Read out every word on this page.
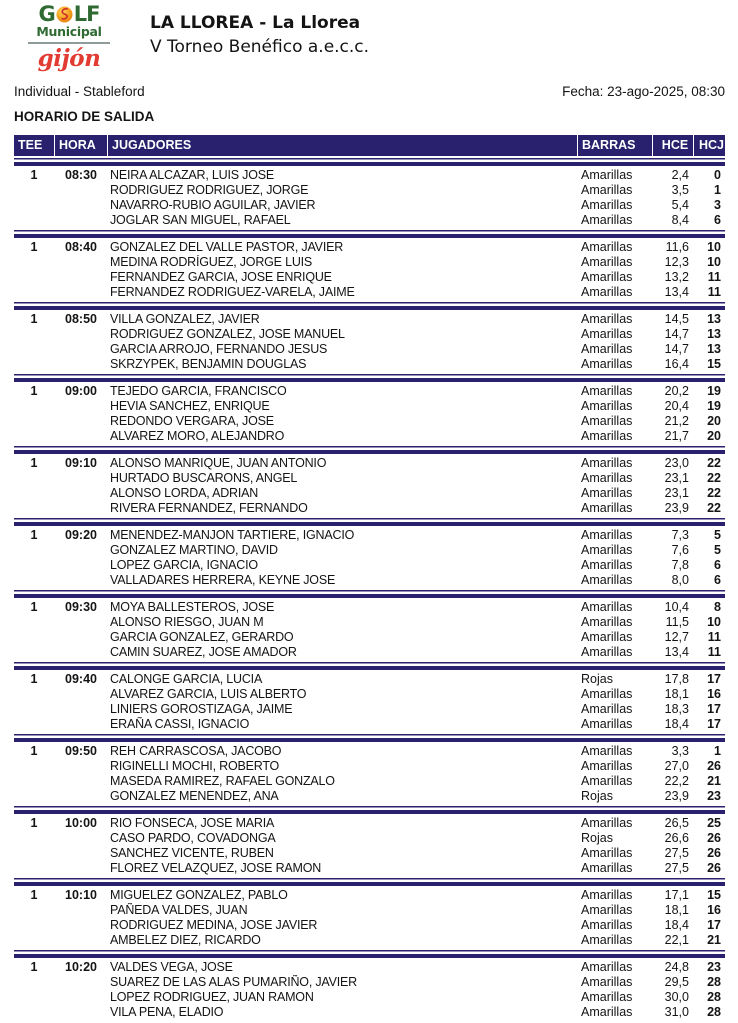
G LF
Municipal
gijón
LA LLOREA - La Llorea
V Torneo Benéfico a.e.c.c.
Individual - Stableford	Fecha: 23-ago-2025, 08:30
HORARIO DE SALIDA
TEE	HORA	JUGADORES	BARRAS	HCE HCJ
1	08:30	NEIRA ALCAZAR, LUIS JOSE	Amarillas	2,4	0
RODRIGUEZ RODRIGUEZ, JORGE	Amarillas	3,5	1
NAVARRO-RUBIO AGUILAR, JAVIER	Amarillas	5,4	3
JOGLAR SAN MIGUEL, RAFAEL	Amarillas	8,4	6
1	08:40	GONZALEZ DEL VALLE PASTOR, JAVIER	Amarillas	11,6	10
MEDINA RODRÍGUEZ, JORGE LUIS	Amarillas	12,3	10
FERNANDEZ GARCIA, JOSE ENRIQUE	Amarillas	13,2	11
FERNANDEZ RODRIGUEZ-VARELA, JAIME	Amarillas	13,4	11
1	08:50	VILLA GONZALEZ, JAVIER	Amarillas	14,5	13
RODRIGUEZ GONZALEZ, JOSE MANUEL	Amarillas	14,7	13
GARCIA ARROJO, FERNANDO JESUS	Amarillas	14,7	13
SKRZYPEK, BENJAMIN DOUGLAS	Amarillas	16,4	15
1	09:00	TEJEDO GARCIA, FRANCISCO	Amarillas	20,2	19
HEVIA SANCHEZ, ENRIQUE	Amarillas	20,4	19
REDONDO VERGARA, JOSE	Amarillas	21,2	20
ALVAREZ MORO, ALEJANDRO	Amarillas	21,7	20
1	09:10	ALONSO MANRIQUE, JUAN ANTONIO	Amarillas	23,0	22
HURTADO BUSCARONS, ANGEL	Amarillas	23,1	22
ALONSO LORDA, ADRIAN	Amarillas	23,1	22
RIVERA FERNANDEZ, FERNANDO	Amarillas	23,9	22
1	09:20	MENENDEZ-MANJON TARTIERE, IGNACIO	Amarillas	7,3	5
GONZALEZ MARTINO, DAVID	Amarillas	7,6	5
LOPEZ GARCIA, IGNACIO	Amarillas	7,8	6
VALLADARES HERRERA, KEYNE JOSE	Amarillas	8,0	6
1	09:30	MOYA BALLESTEROS, JOSE	Amarillas	10,4	8
ALONSO RIESGO, JUAN M	Amarillas	11,5	10
GARCIA GONZALEZ, GERARDO	Amarillas	12,7	11
CAMIN SUAREZ, JOSE AMADOR	Amarillas	13,4	11
1	09:40	CALONGE GARCIA, LUCIA	Rojas	17,8	17
ALVAREZ GARCIA, LUIS ALBERTO	Amarillas	18,1	16
LINIERS GOROSTIZAGA, JAIME	Amarillas	18,3	17
ERAÑA CASSI, IGNACIO	Amarillas	18,4	17
1	09:50	REH CARRASCOSA, JACOBO	Amarillas	3,3	1
RIGINELLI MOCHI, ROBERTO	Amarillas	27,0	26
MASEDA RAMIREZ, RAFAEL GONZALO	Amarillas	22,2	21
GONZALEZ MENENDEZ, ANA	Rojas	23,9	23
1	10:00	RIO FONSECA, JOSE MARIA	Amarillas	26,5	25
CASO PARDO, COVADONGA	Rojas	26,6	26
SANCHEZ VICENTE, RUBEN	Amarillas	27,5	26
FLOREZ VELAZQUEZ, JOSE RAMON	Amarillas	27,5	26
1	10:10	MIGUELEZ GONZALEZ, PABLO	Amarillas	17,1	15
PAÑEDA VALDES, JUAN	Amarillas	18,1	16
RODRIGUEZ MEDINA, JOSE JAVIER	Amarillas	18,4	17
AMBELEZ DIEZ, RICARDO	Amarillas	22,1	21
1	10:20	VALDES VEGA, JOSE	Amarillas	24,8	23
SUAREZ DE LAS ALAS PUMARIÑO, JAVIER	Amarillas	29,5	28
LOPEZ RODRIGUEZ, JUAN RAMON	Amarillas	30,0	28
VILA PENA, ELADIO	Amarillas	31,0	28
